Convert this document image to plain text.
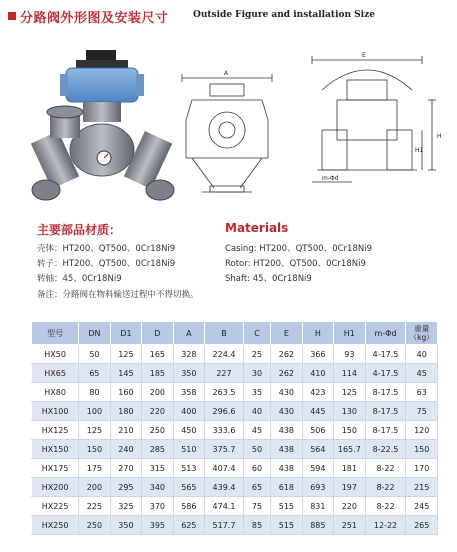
分路阀外形图及安装尺寸	Outside Figure and installation Size
A
E
H
H1
m-Φd
主要部品材质：
壳体：HT200、QT500、0Cr18Ni9
转子：HT200、QT500、0Cr18Ni9
转轴：45、0Cr18Ni9
备注：分路阀在物料输送过程中不得切换。
Materials
Casing: HT200、QT500、0Cr18Ni9
Rotor: HT200、QT500、0Cr18Ni9
Shaft: 45、0Cr18Ni9
型号	DN	D1	D	A	B	C	E	H	H1	m-Φd	重量
（kg）
HX50	50	125	165	328	224.4	25	262	366	93	4-17.5	40
HX65	65	145	185	350	227	30	262	410	114	4-17.5	45
HX80	80	160	200	358	263.5	35	430	423	125	8-17.5	63
HX100	100	180	220	400	296.6	40	430	445	130	8-17.5	75
HX125	125	210	250	450	333.6	45	438	506	150	8-17.5	120
HX150	150	240	285	510	375.7	50	438	564	165.7	8-22.5	150
HX175	175	270	315	513	407.4	60	438	594	181	8-22	170
HX200	200	295	340	565	439.4	65	618	693	197	8-22	215
HX225	225	325	370	586	474.1	75	515	831	220	8-22	245
HX250	250	350	395	625	517.7	85	515	885	251	12-22	265
